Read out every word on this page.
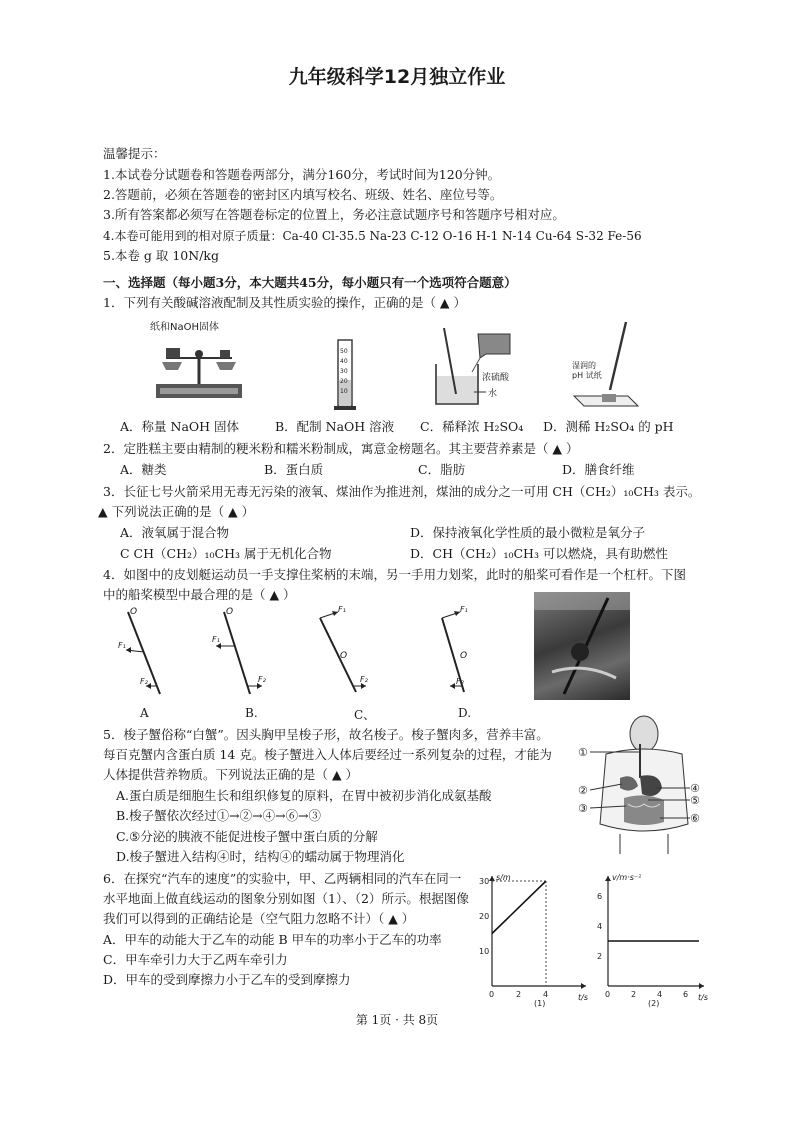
九年级科学12月独立作业
温馨提示：
1.本试卷分试题卷和答题卷两部分，满分160分，考试时间为120分钟。
2.答题前，必须在答题卷的密封区内填写校名、班级、姓名、座位号等。
3.所有答案都必须写在答题卷标定的位置上，务必注意试题序号和答题序号相对应。
4.本卷可能用到的相对原子质量：Ca-40 Cl-35.5 Na-23 C-12 O-16 H-1 N-14 Cu-64 S-32 Fe-56
5.本卷 g 取 10N/kg
一、选择题（每小题3分，本大题共45分，每小题只有一个选项符合题意）
1．下列有关酸碱溶液配制及其性质实验的操作，正确的是（ ▲ ）
纸和NaOH固体
50
40
30
20
10
浓硫酸
水
湿润的
pH 试纸
A．称量 NaOH 固体	B．配制 NaOH 溶液 C．稀释浓 H₂SO₄ D．测稀 H₂SO₄ 的 pH
2．定胜糕主要由精制的粳米粉和糯米粉制成，寓意金榜题名。其主要营养素是（ ▲ ）
A．糖类	B．蛋白质	C．脂肪	D．膳食纤维
3．长征七号火箭采用无毒无污染的液氧、煤油作为推进剂，煤油的成分之一可用 CH（CH₂）₁₀CH₃ 表示。
▲ 下列说法正确的是（ ▲ ）
A．液氧属于混合物	D．保持液氧化学性质的最小微粒是氧分子
C CH（CH₂）₁₀CH₃ 属于无机化合物	D．CH（CH₂）₁₀CH₃ 可以燃烧，具有助燃性
4．如图中的皮划艇运动员一手支撑住桨柄的末端，另一手用力划桨，此时的船桨可看作是一个杠杆。下图
中的船桨模型中最合理的是（ ▲ ）
O
F₁
F₂
O
F₁
F₂
F₁
O
F₂
F₁
O
F₂
A	B.	C、	D.
5．梭子蟹俗称“白蟹”。因头胸甲呈梭子形，故名梭子。梭子蟹肉多，营养丰富。
每百克蟹内含蛋白质 14 克。梭子蟹进入人体后要经过一系列复杂的过程，才能为
人体提供营养物质。下列说法正确的是（ ▲ ）
A.蛋白质是细胞生长和组织修复的原料，在胃中被初步消化成氨基酸
B.梭子蟹依次经过①→②→④→⑥→③
C.⑤分泌的胰液不能促进梭子蟹中蛋白质的分解
D.梭子蟹进入结构④时，结构④的蠕动属于物理消化
①
②
③
④
⑤
⑥
6．在探究“汽车的速度”的实验中，甲、乙两辆相同的汽车在同一
水平地面上做直线运动的图象分别如图（1）、（2）所示。根据图像
我们可以得到的正确结论是（空气阻力忽略不计）（ ▲ ）
A．甲车的动能大于乙车的动能 B 甲车的功率小于乙车的功率
C．甲车牵引力大于乙两车牵引力
D．甲车的受到摩擦力小于乙车的受到摩擦力
s/m
t/s
(1)
0	2	4
30
20
10
v/m·s⁻¹
t/s
(2)
0	2	4	6
6
4
2
第 1页 · 共 8页
